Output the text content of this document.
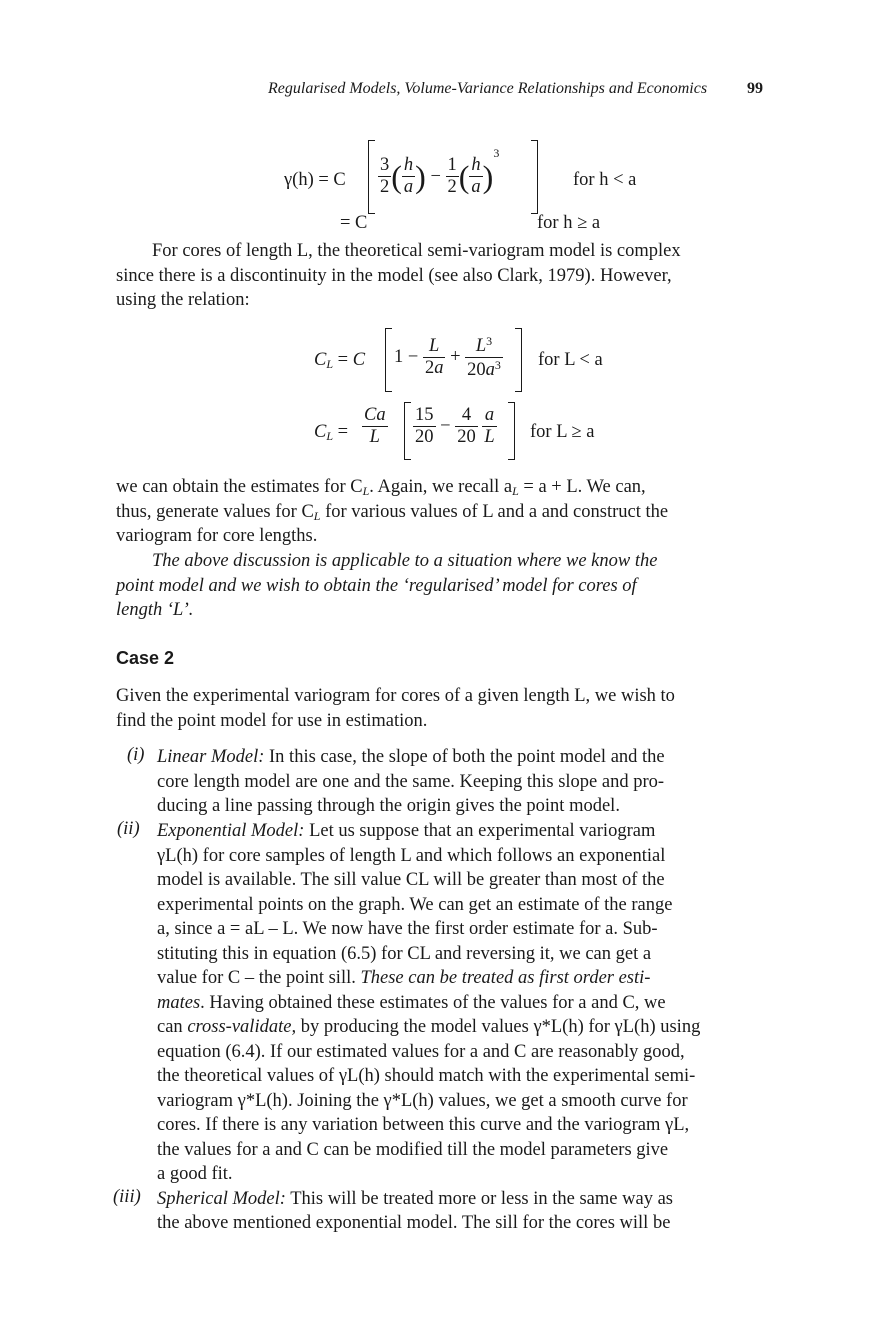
Regularised Models, Volume-Variance Relationships and Economics 99
γ(h) = C $\frac{3}{2}$ ( $\frac{h}{a}$ ) − $\frac{1}{2}$ ( $\frac{h}{a} )^3$
for h < a
= C	for h ≥ a
For cores of length L, the theoretical semi-variogram model is complex
since there is a discontinuity in the model (see also Clark, 1979). However,
using the relation:
$C_L = C$ $1 - \frac{L}{2a} + \frac{L^3}{20a^3}$ for L < a
$C_L = \frac{Ca}{L} \frac{15}{20} - \frac{4}{20}$
$\frac{a}{L}$ for L ≥ a
we can obtain the estimates for $C_L$. Again, we recall $a_L = a + L$. We can,
thus, generate values for $C_L$ for various values of L and a and construct the
variogram for core lengths.
The above discussion is applicable to a situation where we know the
point model and we wish to obtain the ‘regularised’ model for cores of
length ‘L’.
Case 2
Given the experimental variogram for cores of a given length L, we wish to
find the point model for use in estimation.
(i) Linear Model: In this case, the slope of both the point model and the
core length model are one and the same. Keeping this slope and pro-
ducing a line passing through the origin gives the point model.
(ii) Exponential Model: Let us suppose that an experimental variogram
γL(h) for core samples of length L and which follows an exponential
model is available. The sill value CL will be greater than most of the
experimental points on the graph. We can get an estimate of the range
a, since a = aL – L. We now have the first order estimate for a. Sub-
stituting this in equation (6.5) for CL and reversing it, we can get a
value for C – the point sill. These can be treated as first order esti-
mates. Having obtained these estimates of the values for a and C, we
can cross-validate, by producing the model values γ*L(h) for γL(h) using
equation (6.4). If our estimated values for a and C are reasonably good,
the theoretical values of γL(h) should match with the experimental semi-
variogram γ*L(h). Joining the γ*L(h) values, we get a smooth curve for
cores. If there is any variation between this curve and the variogram γL,
the values for a and C can be modified till the model parameters give
a good fit.
(iii) Spherical Model: This will be treated more or less in the same way as
the above mentioned exponential model. The sill for the cores will be
